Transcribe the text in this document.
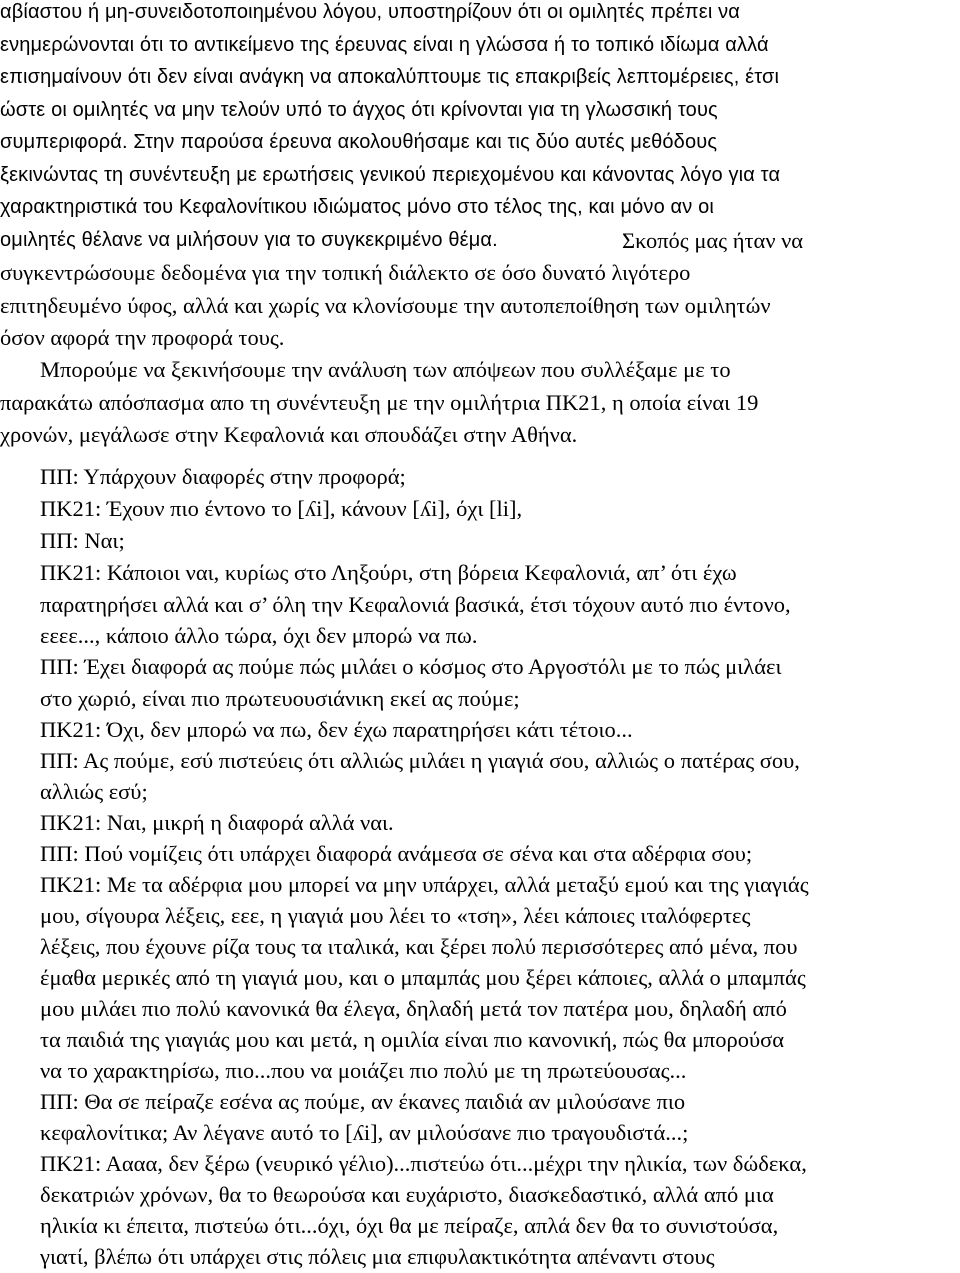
αβίαστου ή μη-συνειδοτοποιημένου λόγου, υποστηρίζουν ότι οι ομιλητές πρέπει να
ενημερώνονται ότι το αντικείμενο της έρευνας είναι η γλώσσα ή το τοπικό ιδίωμα αλλά
επισημαίνουν ότι δεν είναι ανάγκη να αποκαλύπτουμε τις επακριβείς λεπτομέρειες, έτσι
ώστε οι ομιλητές να μην τελούν υπό το άγχος ότι κρίνονται για τη γλωσσική τους
συμπεριφορά. Στην παρούσα έρευνα ακολουθήσαμε και τις δύο αυτές μεθόδους
ξεκινώντας τη συνέντευξη με ερωτήσεις γενικού περιεχομένου και κάνοντας λόγο για τα
χαρακτηριστικά του Κεφαλονίτικου ιδιώματος μόνο στο τέλος της, και μόνο αν οι
ομιλητές θέλανε να μιλήσουν για το συγκεκριμένο θέμα.	Σκοπός μας ήταν να
συγκεντρώσουμε δεδομένα για την τοπική διάλεκτο σε όσο δυνατό λιγότερο
επιτηδευμένο ύφος, αλλά και χωρίς να κλονίσουμε την αυτοπεποίθηση των ομιλητών
όσον αφορά την προφορά τους.
Μπορούμε να ξεκινήσουμε την ανάλυση των απόψεων που συλλέξαμε με το
παρακάτω απόσπασμα απο τη συνέντευξη με την ομιλήτρια ΠΚ21, η οποία είναι 19
χρονών, μεγάλωσε στην Κεφαλονιά και σπουδάζει στην Αθήνα.
ΠΠ: Υπάρχουν διαφορές στην προφορά;
ΠΚ21: Έχουν πιο έντονο το [ʎi], κάνουν [ʎi], όχι [li],
ΠΠ: Ναι;
ΠΚ21: Κάποιοι ναι, κυρίως στο Ληξούρι, στη βόρεια Κεφαλονιά, απ’ ότι έχω
παρατηρήσει αλλά και σ’ όλη την Κεφαλονιά βασικά, έτσι τόχουν αυτό πιο έντονο,
εεεε..., κάποιο άλλο τώρα, όχι δεν μπορώ να πω.
ΠΠ: Έχει διαφορά ας πούμε πώς μιλάει ο κόσμος στο Αργοστόλι με το πώς μιλάει
στο χωριό, είναι πιο πρωτευουσιάνικη εκεί ας πούμε;
ΠΚ21: Όχι, δεν μπορώ να πω, δεν έχω παρατηρήσει κάτι τέτοιο...
ΠΠ: Ας πούμε, εσύ πιστεύεις ότι αλλιώς μιλάει η γιαγιά σου, αλλιώς ο πατέρας σου,
αλλιώς εσύ;
ΠΚ21: Ναι, μικρή η διαφορά αλλά ναι.
ΠΠ: Πού νομίζεις ότι υπάρχει διαφορά ανάμεσα σε σένα και στα αδέρφια σου;
ΠΚ21: Με τα αδέρφια μου μπορεί να μην υπάρχει, αλλά μεταξύ εμού και της γιαγιάς
μου, σίγουρα λέξεις, εεε, η γιαγιά μου λέει το «τση», λέει κάποιες ιταλόφερτες
λέξεις, που έχουνε ρίζα τους τα ιταλικά, και ξέρει πολύ περισσότερες από μένα, που
έμαθα μερικές από τη γιαγιά μου, και ο μπαμπάς μου ξέρει κάποιες, αλλά ο μπαμπάς
μου μιλάει πιο πολύ κανονικά θα έλεγα, δηλαδή μετά τον πατέρα μου, δηλαδή από
τα παιδιά της γιαγιάς μου και μετά, η ομιλία είναι πιο κανονική, πώς θα μπορούσα
να το χαρακτηρίσω, πιο...που να μοιάζει πιο πολύ με τη πρωτεύουσας...
ΠΠ: Θα σε πείραζε εσένα ας πούμε, αν έκανες παιδιά αν μιλούσανε πιο
κεφαλονίτικα; Αν λέγανε αυτό το [ʎi], αν μιλούσανε πιο τραγουδιστά...;
ΠΚ21: Αααα, δεν ξέρω (νευρικό γέλιο)...πιστεύω ότι...μέχρι την ηλικία, των δώδεκα,
δεκατριών χρόνων, θα το θεωρούσα και ευχάριστο, διασκεδαστικό, αλλά από μια
ηλικία κι έπειτα, πιστεύω ότι...όχι, όχι θα με πείραζε, απλά δεν θα το συνιστούσα,
γιατί, βλέπω ότι υπάρχει στις πόλεις μια επιφυλακτικότητα απέναντι στους
